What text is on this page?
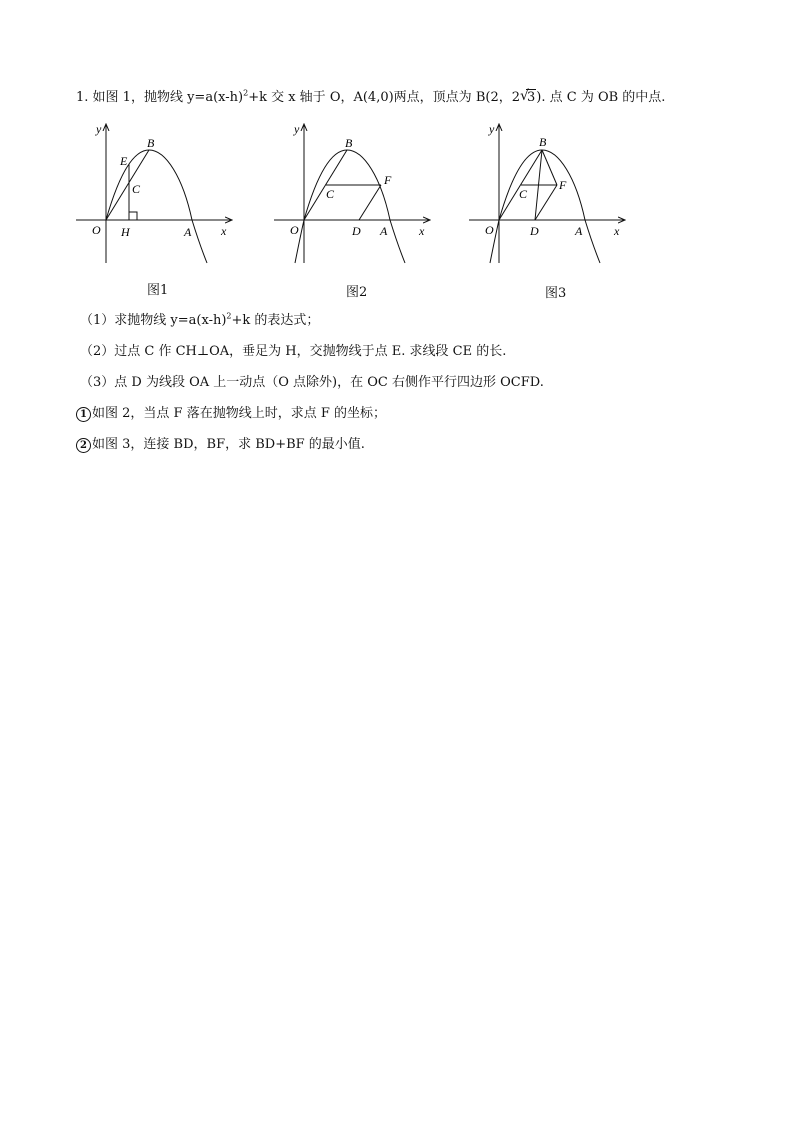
1. 如图 1，抛物线 $y=a(x-h)^2+k$ 交 x 轴于 O，A(4,0)两点，顶点为 B(2，2 √
3). 点 C 为 OB 的中点.
y
x
O
B
E
C
H	A
图1
y
x
O
B
C
F
D A
图2
y
x
O
B
C
F
D	A
图3
（1）求抛物线 $y=a(x-h)^2+k$ 的表达式；
（2）过点 C 作 CH⊥OA，垂足为 H，交抛物线于点 E. 求线段 CE 的长.
（3）点 D 为线段 OA 上一动点（O 点除外)，在 OC 右侧作平行四边形 OCFD.
1 如图 2，当点 F 落在抛物线上时，求点 F 的坐标；
2 如图 3，连接 BD，BF，求 BD+BF 的最小值.
